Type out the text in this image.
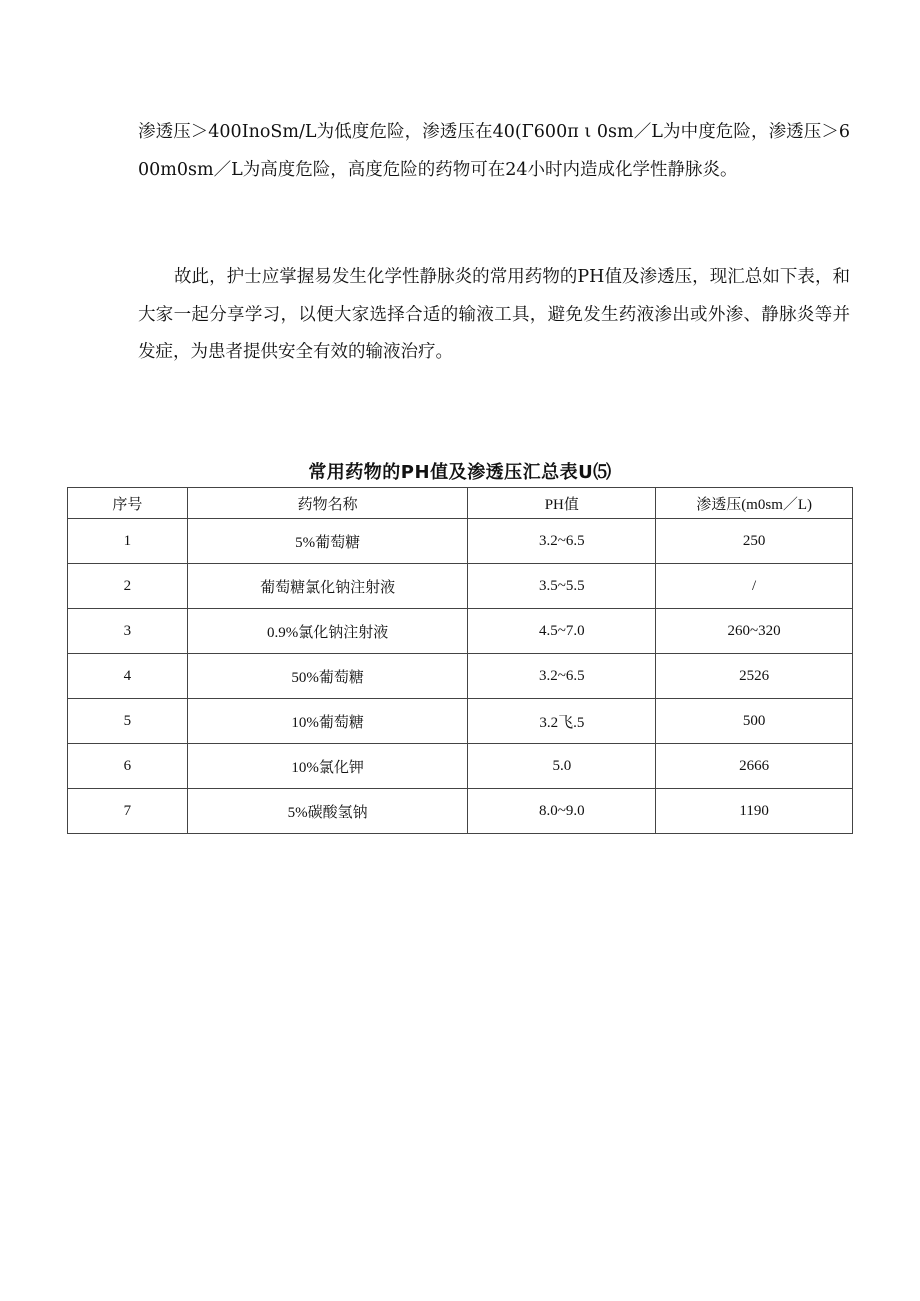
渗透压＞400InoSm/L为低度危险，渗透压在40(Γ600π ι 0sm／L为中度危险，渗透压＞600m0sm／L为高度危险，高度危险的药物可在24小时内造成化学性静脉炎。

故此，护士应掌握易发生化学性静脉炎的常用药物的PH值及渗透压，现汇总如下表，和大家一起分享学习，以便大家选择合适的输液工具，避免发生药液渗出或外渗、静脉炎等并发症，为患者提供安全有效的输液治疗。

常用药物的PH值及渗透压汇总表U⑸
序号	药物名称	PH值	渗透压(m0sm／L)
1	5%葡萄糖	3.2~6.5	250
2	葡萄糖氯化钠注射液	3.5~5.5	/
3	0.9%氯化钠注射液	4.5~7.0	260~320
4	50%葡萄糖	3.2~6.5	2526
5	10%葡萄糖	3.2飞.5	500
6	10%氯化钾	5.0	2666
7	5%碳酸氢钠	8.0~9.0	1190
